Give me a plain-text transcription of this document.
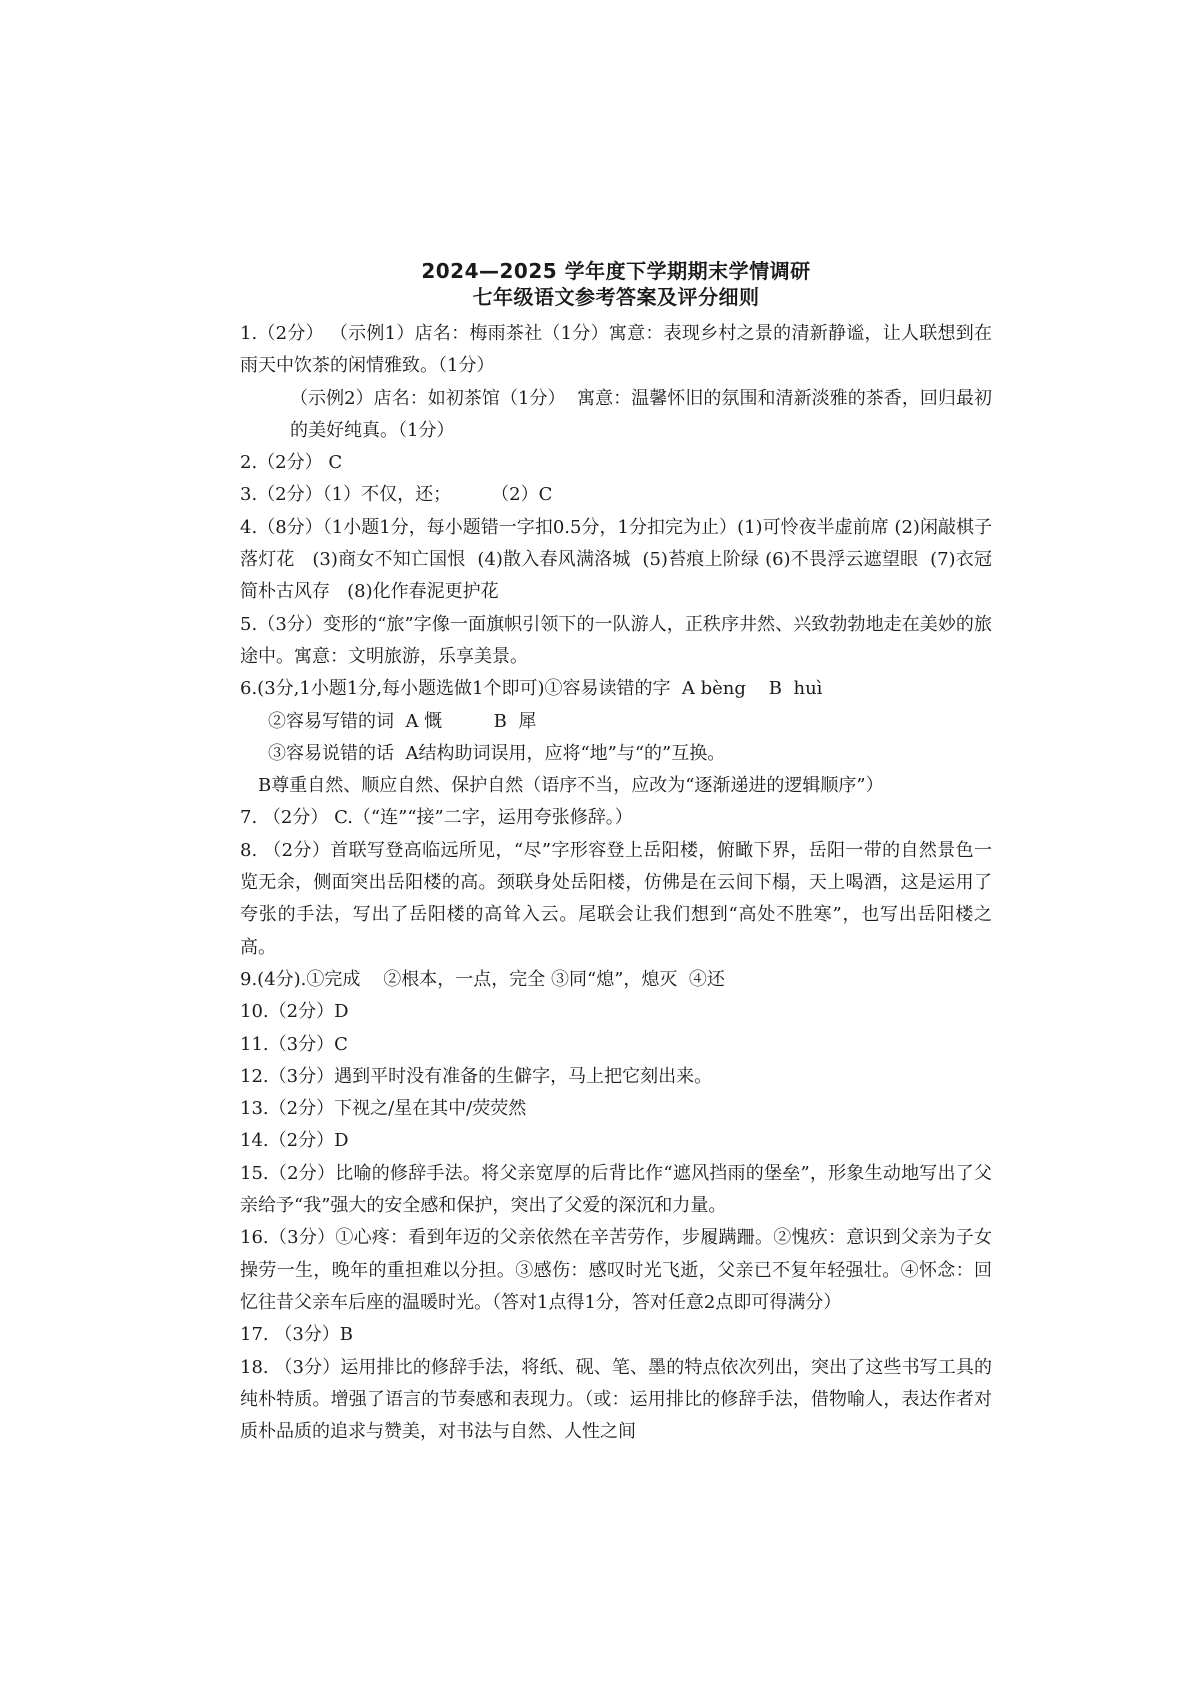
2024—2025 学年度下学期期末学情调研
七年级语文参考答案及评分细则

1.（2分） （示例1）店名：梅雨茶社（1分）寓意：表现乡村之景的清新静谧，让人联想到在雨天中饮茶的闲情雅致。（1分）

（示例2）店名：如初茶馆（1分）  寓意：温馨怀旧的氛围和清新淡雅的茶香，回归最初的美好纯真。（1分）

2.（2分） C

3.（2分）（1）不仅，还；       （2）C

4.（8分）（1小题1分，每小题错一字扣0.5分，1分扣完为止）(1)可怜夜半虚前席 (2)闲敲棋子落灯花   (3)商女不知亡国恨  (4)散入春风满洛城  (5)苔痕上阶绿 (6)不畏浮云遮望眼  (7)衣冠简朴古风存   (8)化作春泥更护花

5.（3分）变形的“旅”字像一面旗帜引领下的一队游人，正秩序井然、兴致勃勃地走在美妙的旅途中。寓意：文明旅游，乐享美景。

6.(3分,1小题1分,每小题选做1个即可)①容易读错的字  A bèng    B  huì

②容易写错的词  A 慨         B  犀

③容易说错的话  A结构助词误用，应将“地”与“的”互换。

B尊重自然、顺应自然、保护自然（语序不当，应改为“逐渐递进的逻辑顺序”）

7. （2分） C.（“连”“接”二字，运用夸张修辞。）

8. （2分）首联写登高临远所见，“尽”字形容登上岳阳楼，俯瞰下界，岳阳一带的自然景色一览无余，侧面突出岳阳楼的高。颈联身处岳阳楼，仿佛是在云间下榻，天上喝酒，这是运用了夸张的手法，写出了岳阳楼的高耸入云。尾联会让我们想到“高处不胜寒”，也写出岳阳楼之高。

9.(4分).①完成    ②根本，一点，完全 ③同“熄”，熄灭  ④还

10.（2分）D

11.（3分）C

12.（3分）遇到平时没有准备的生僻字，马上把它刻出来。

13.（2分）下视之/星在其中/荧荧然

14.（2分）D

15.（2分）比喻的修辞手法。将父亲宽厚的后背比作“遮风挡雨的堡垒”，形象生动地写出了父亲给予“我”强大的安全感和保护，突出了父爱的深沉和力量。

16.（3分）①心疼：看到年迈的父亲依然在辛苦劳作，步履蹒跚。②愧疚：意识到父亲为子女操劳一生，晚年的重担难以分担。③感伤：感叹时光飞逝，父亲已不复年轻强壮。④怀念：回忆往昔父亲车后座的温暖时光。（答对1点得1分，答对任意2点即可得满分）

17. （3分）B

18. （3分）运用排比的修辞手法，将纸、砚、笔、墨的特点依次列出，突出了这些书写工具的纯朴特质。增强了语言的节奏感和表现力。（或：运用排比的修辞手法，借物喻人，表达作者对质朴品质的追求与赞美，对书法与自然、人性之间
